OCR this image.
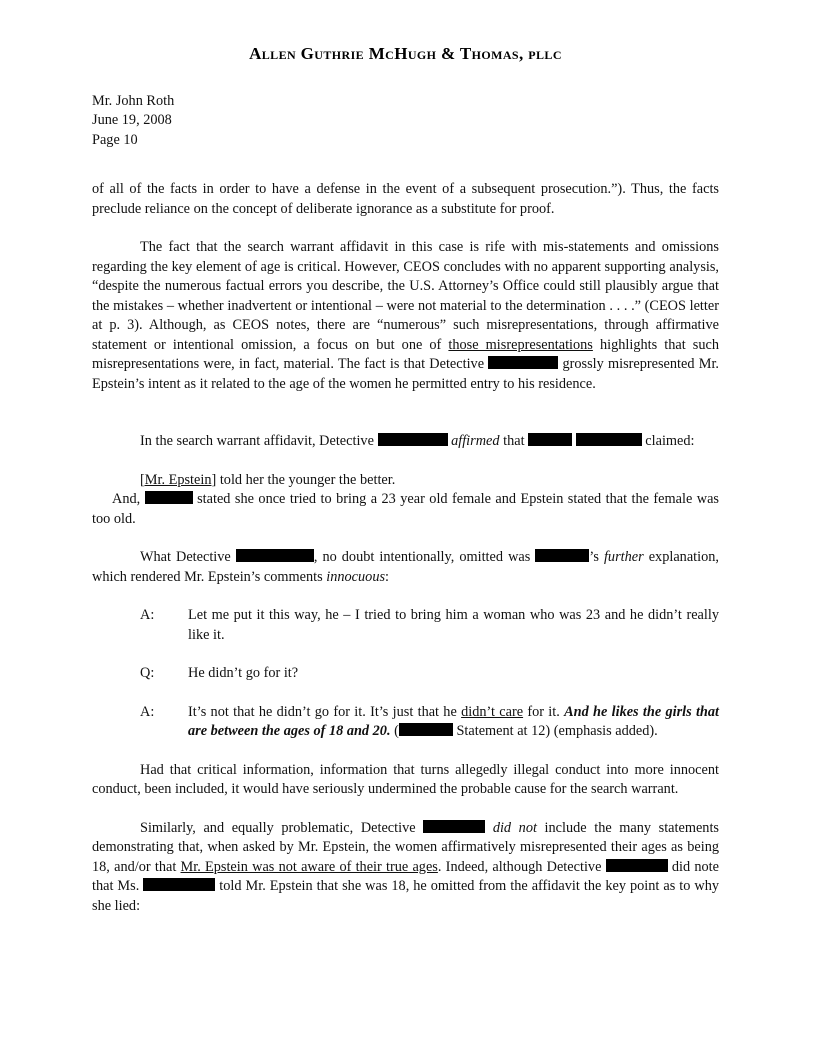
Allen Guthrie McHugh & Thomas, pllc
Mr. John Roth
June 19, 2008
Page 10

of all of the facts in order to have a defense in the event of a subsequent prosecution.”). Thus, the facts preclude reliance on the concept of deliberate ignorance as a substitute for proof.

The fact that the search warrant affidavit in this case is rife with mis-statements and omissions regarding the key element of age is critical. However, CEOS concludes with no apparent supporting analysis, “despite the numerous factual errors you describe, the U.S. Attorney’s Office could still plausibly argue that the mistakes – whether inadvertent or intentional – were not material to the determination . . . .” (CEOS letter at p. 3). Although, as CEOS notes, there are “numerous” such misrepresentations, through affirmative statement or intentional omission, a focus on but one of those misrepresentations highlights that such misrepresentations were, in fact, material. The fact is that Detective	grossly misrepresented Mr. Epstein’s intent as it related to the age of the women he permitted entry to his residence.

In the search warrant affidavit, Detective	affirmed that	claimed:

[Mr. Epstein] told her the younger the better.

And,	stated she once tried to bring a 23 year old female and Epstein stated that the female was too old.

What Detective	, no doubt intentionally, omitted was	’s further explanation, which rendered Mr. Epstein’s comments innocuous:

A:	Let me put it this way, he – I tried to bring him a woman who was 23 and he didn’t really like it.
Q:	He didn’t go for it?
A:	It’s not that he didn’t go for it. It’s just that he didn’t care for it. And he likes the girls that are between the ages of 18 and 20. (	Statement at 12) (emphasis added).

Had that critical information, information that turns allegedly illegal conduct into more innocent conduct, been included, it would have seriously undermined the probable cause for the search warrant.

Similarly, and equally problematic, Detective	did not include the many statements demonstrating that, when asked by Mr. Epstein, the women affirmatively misrepresented their ages as being 18, and/or that Mr. Epstein was not aware of their true ages. Indeed, although Detective	did note that Ms.	told Mr. Epstein that she was 18, he omitted from the affidavit the key point as to why she lied:
